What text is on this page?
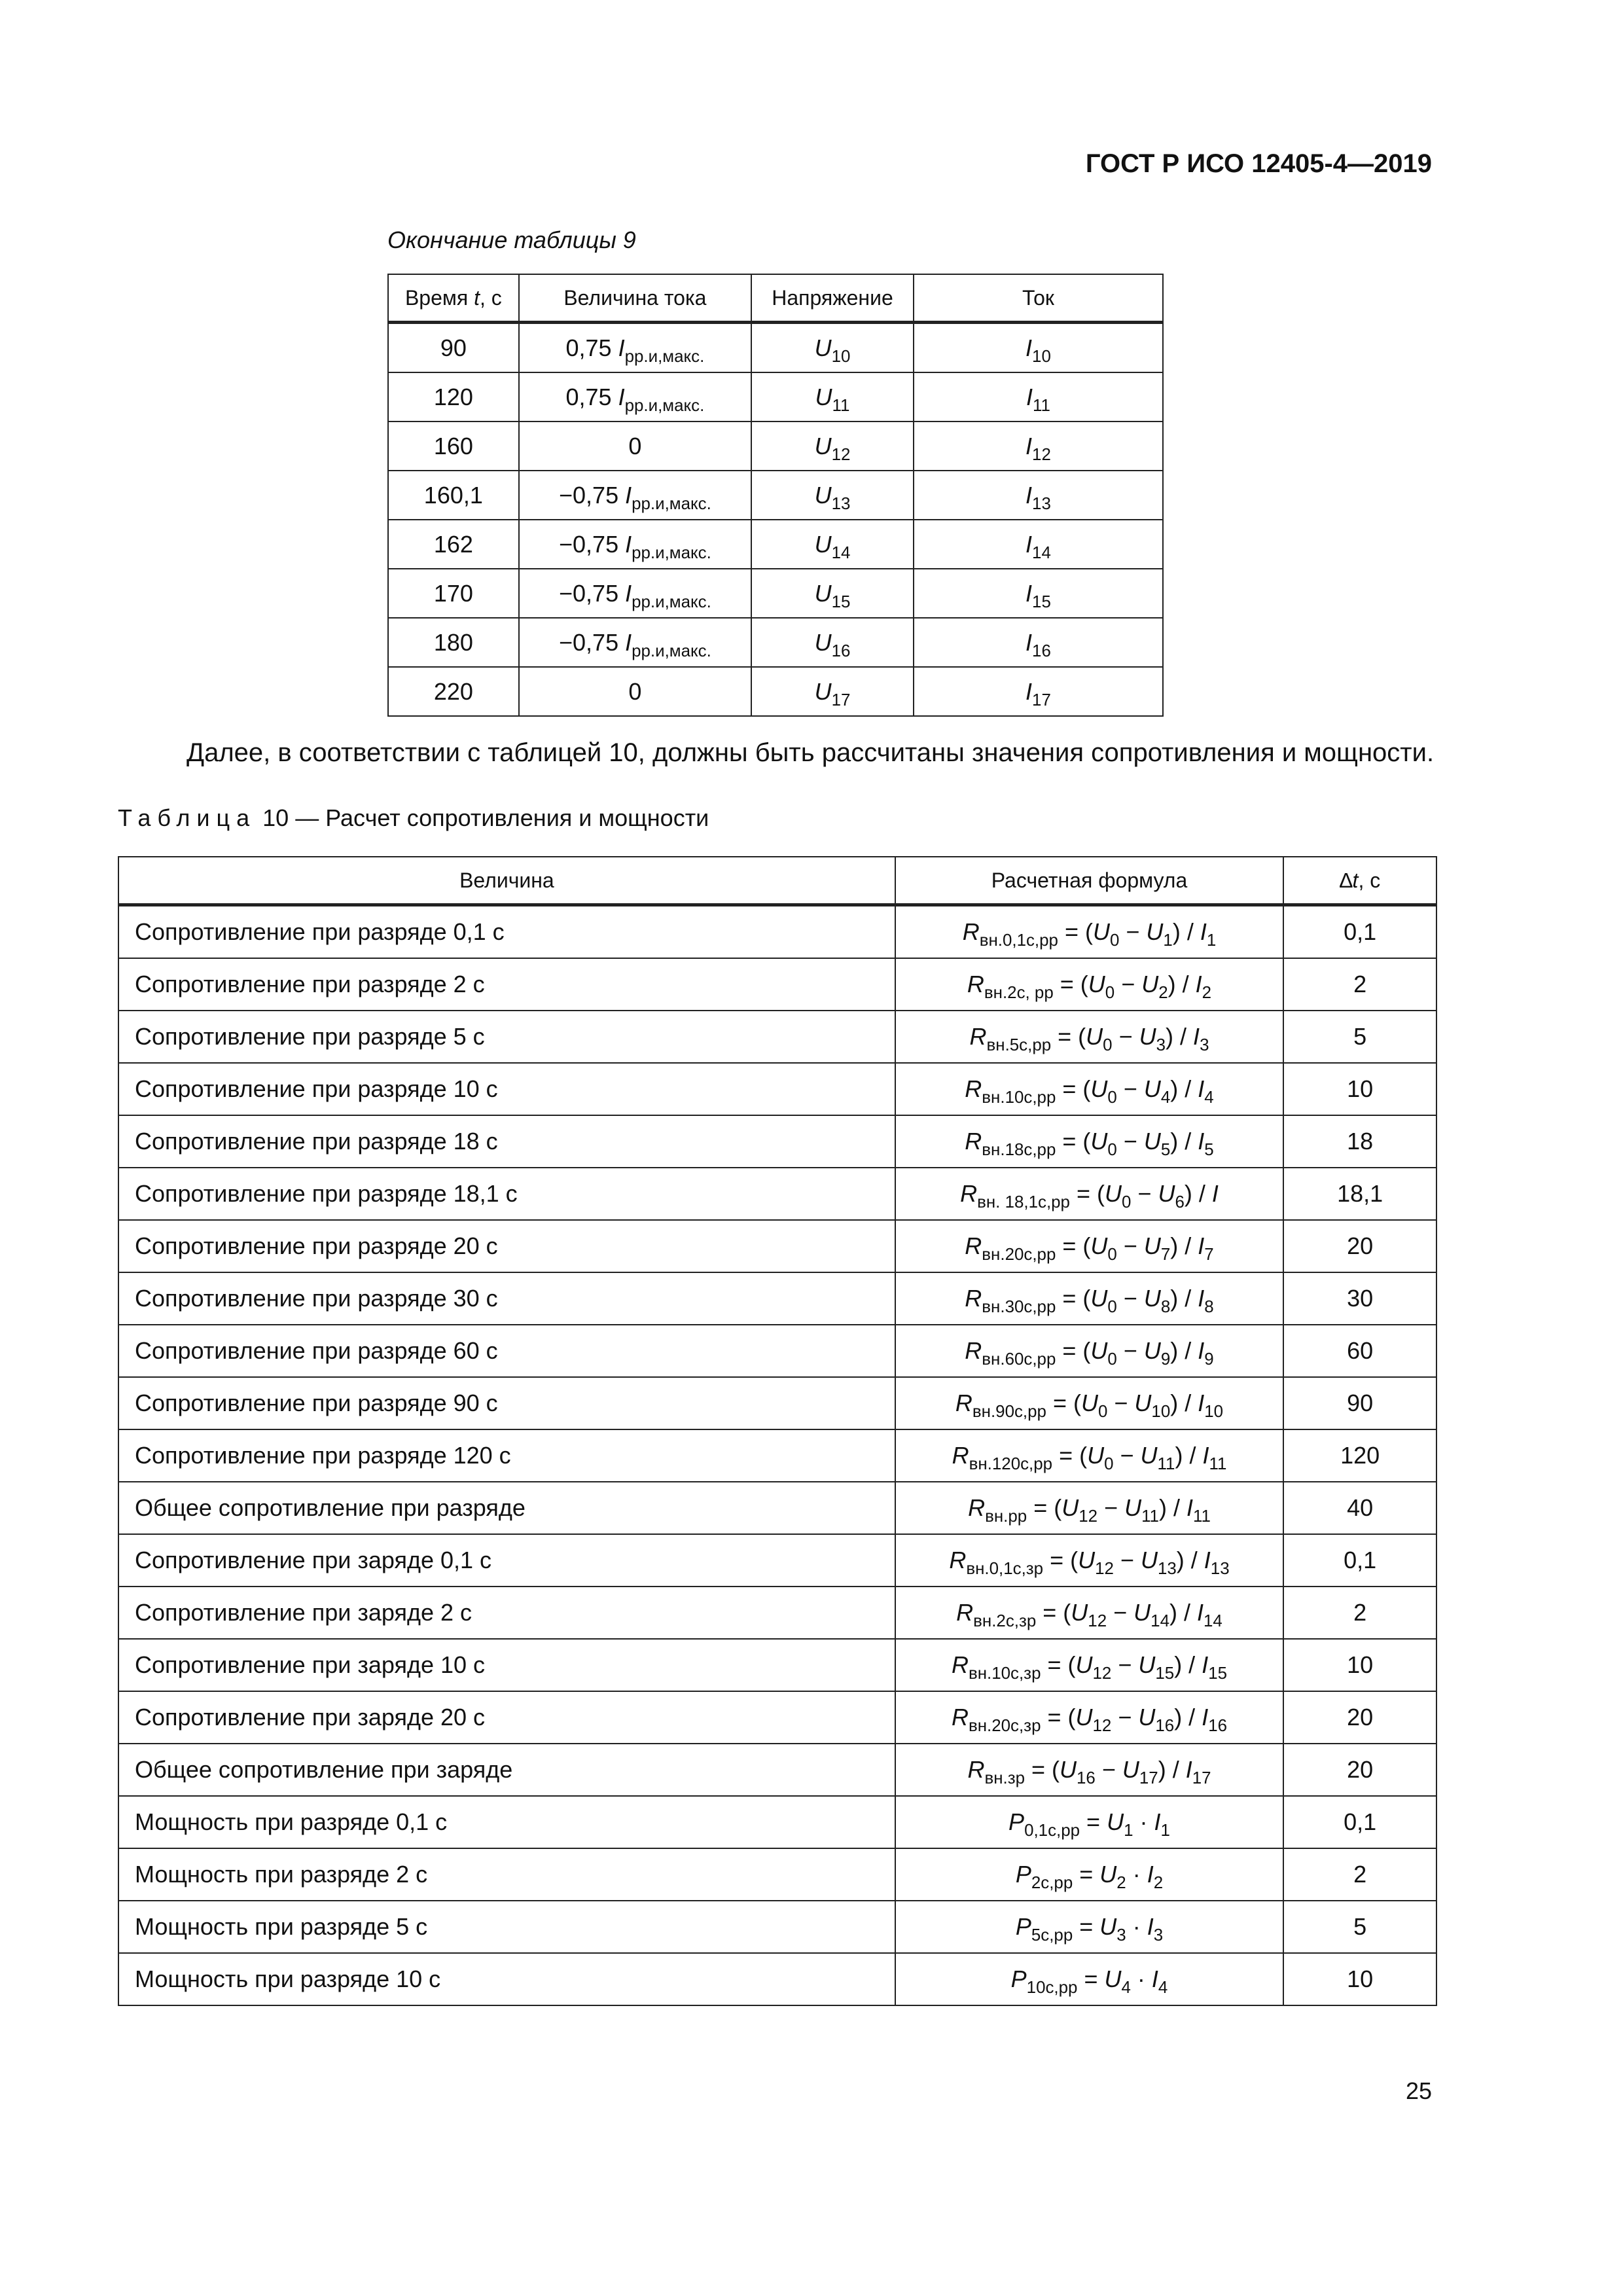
ГОСТ Р ИСО 12405-4—2019
Окончание таблицы 9
Время t, с	Величина тока	Напряжение	Ток
90	0,75 $I_{рр.и,макс.}$	$U_{10}$	$I_{10}$
120	0,75 $I_{рр.и,макс.}$	$U_{11}$	$I_{11}$
160	0	$U_{12}$	$I_{12}$
160,1	−0,75 $I_{рр.и,макс.}$	$U_{13}$	$I_{13}$
162	−0,75 $I_{рр.и,макс.}$	$U_{14}$	$I_{14}$
170	−0,75 $I_{рр.и,макс.}$	$U_{15}$	$I_{15}$
180	−0,75 $I_{рр.и,макс.}$	$U_{16}$	$I_{16}$
220	0	$U_{17}$	$I_{17}$
Далее, в соответствии с таблицей 10, должны быть рассчитаны значения сопротивления и мощности.
Таблица 10 — Расчет сопротивления и мощности
Величина	Расчетная формула	∆t, с
Сопротивление при разряде 0,1 с	$R_{вн.0,1с,рр} = (U_0 - U_1) / I_1$	0,1
Сопротивление при разряде 2 с	$R_{вн.2с, рр} = (U_0 - U_2) / I_2$	2
Сопротивление при разряде 5 с	$R_{вн.5с,рр} = (U_0 - U_3) / I_3$	5
Сопротивление при разряде 10 с	$R_{вн.10с,рр} = (U_0 - U_4) / I_4$	10
Сопротивление при разряде 18 с	$R_{вн.18с,рр} = (U_0 - U_5) / I_5$	18
Сопротивление при разряде 18,1 с	$R_{вн. 18,1с,рр} = (U_0 - U_6) / I$	18,1
Сопротивление при разряде 20 с	$R_{вн.20с,рр} = (U_0 - U_7) / I_7$	20
Сопротивление при разряде 30 с	$R_{вн.30с,рр} = (U_0 - U_8) / I_8$	30
Сопротивление при разряде 60 с	$R_{вн.60с,рр} = (U_0 - U_9) / I_9$	60
Сопротивление при разряде 90 с	$R_{вн.90с,рр} = (U_0 - U_{10}) / I_{10}$	90
Сопротивление при разряде 120 с	$R_{вн.120с,рр} = (U_0 - U_{11}) / I_{11}$	120
Общее сопротивление при разряде	$R_{вн.рр} = (U_{12} - U_{11}) / I_{11}$	40
Сопротивление при заряде 0,1 с	$R_{вн.0,1с,зр} = (U_{12} - U_{13}) / I_{13}$	0,1
Сопротивление при заряде 2 с	$R_{вн.2с,зр} = (U_{12} - U_{14}) / I_{14}$	2
Сопротивление при заряде 10 с	$R_{вн.10с,зр} = (U_{12} - U_{15}) / I_{15}$	10
Сопротивление при заряде 20 с	$R_{вн.20с,зр} = (U_{12} - U_{16}) / I_{16}$	20
Общее сопротивление при заряде	$R_{вн.зр} = (U_{16} - U_{17}) / I_{17}$	20
Мощность при разряде 0,1 с	$P_{0,1с,рр} = U_1 \cdot I_1$	0,1
Мощность при разряде 2 с	$P_{2с,рр} = U_2 \cdot I_2$	2
Мощность при разряде 5 с	$P_{5с,рр} = U_3 \cdot I_3$	5
Мощность при разряде 10 с	$P_{10с,рр} = U_4 \cdot I_4$	10
25
